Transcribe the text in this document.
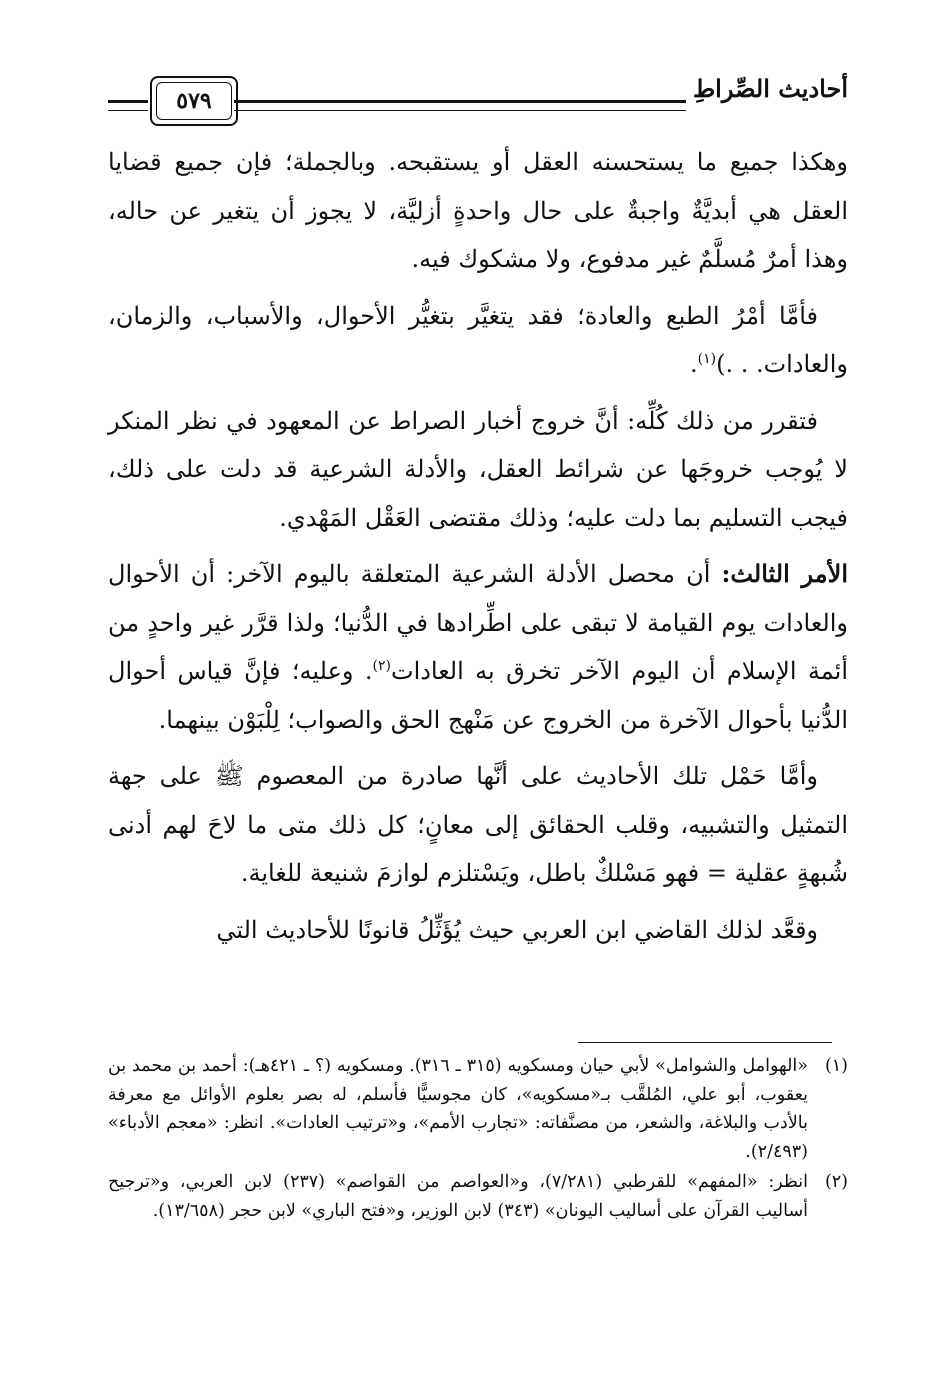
أحاديث الصِّراطِ
٥٧٩

وهكذا جميع ما يستحسنه العقل أو يستقبحه. وبالجملة؛ فإن جميع قضايا العقل هي أبديَّةٌ واجبةٌ على حال واحدةٍ أزليَّة، لا يجوز أن يتغير عن حاله، وهذا أمرٌ مُسلَّمٌ غير مدفوع، ولا مشكوك فيه.

فأمَّا أمْرُ الطبع والعادة؛ فقد يتغيَّر بتغيُّر الأحوال، والأسباب، والزمان، والعادات. . .)$^{(١)}$.

فتقرر من ذلك كُلِّه: أنَّ خروج أخبار الصراط عن المعهود في نظر المنكر لا يُوجب خروجَها عن شرائط العقل، والأدلة الشرعية قد دلت على ذلك، فيجب التسليم بما دلت عليه؛ وذلك مقتضى العَقْل المَهْدي.

الأمر الثالث: أن محصل الأدلة الشرعية المتعلقة باليوم الآخر: أن الأحوال والعادات يوم القيامة لا تبقى على اطِّرادها في الدُّنيا؛ ولذا قرَّر غير واحدٍ من أئمة الإسلام أن اليوم الآخر تخرق به العادات$^{(٢)}$. وعليه؛ فإنَّ قياس أحوال الدُّنيا بأحوال الآخرة من الخروج عن مَنْهج الحق والصواب؛ لِلْبَوْن بينهما.

وأمَّا حَمْل تلك الأحاديث على أنَّها صادرة من المعصوم ﷺ على جهة التمثيل والتشبيه، وقلب الحقائق إلى معانٍ؛ كل ذلك متى ما لاحَ لهم أدنى شُبهةٍ عقلية = فهو مَسْلكٌ باطل، ويَسْتلزم لوازمَ شنيعة للغاية.

وقعَّد لذلك القاضي ابن العربي حيث يُؤَثِّلُ قانونًا للأحاديث التي

(١)
«الهوامل والشوامل» لأبي حيان ومسكويه (٣١٥ ـ ٣١٦). ومسكويه (؟ ـ ٤٢١هـ): أحمد بن محمد بن يعقوب، أبو علي، المُلقَّب بـ«مسكويه»، كان مجوسيًّا فأسلم، له بصر بعلوم الأوائل مع معرفة بالأدب والبلاغة، والشعر، من مصنَّفاته: «تجارب الأمم»، و«ترتيب العادات». انظر: «معجم الأدباء» (٢/٤٩٣).
(٢)
انظر: «المفهم» للقرطبي (٧/٢٨١)، و«العواصم من القواصم» (٢٣٧) لابن العربي، و«ترجيح أساليب القرآن على أساليب اليونان» (٣٤٣) لابن الوزير، و«فتح الباري» لابن حجر (١٣/٦٥٨).
